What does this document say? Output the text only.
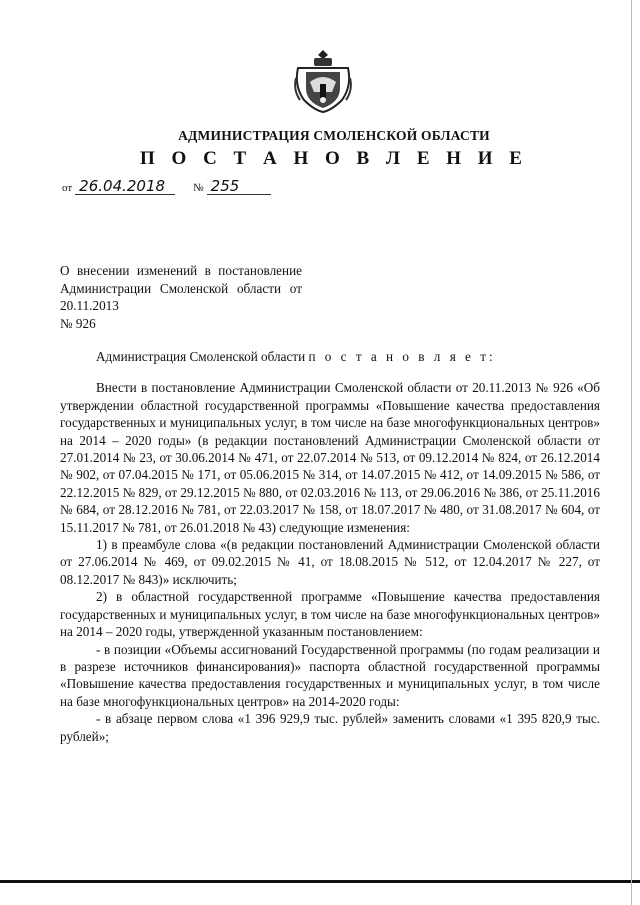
АДМИНИСТРАЦИЯ СМОЛЕНСКОЙ ОБЛАСТИ
П О С Т А Н О В Л Е Н И Е
от 26.04.2018	№ 255
О внесении изменений в постановление Администрации Смоленской области от 20.11.2013
№ 926

Администрация Смоленской области п о с т а н о в л я е т:

Внести в постановление Администрации Смоленской области от 20.11.2013 № 926 «Об утверждении областной государственной программы «Повышение качества предоставления государственных и муниципальных услуг, в том числе на базе многофункциональных центров» на 2014 – 2020 годы» (в редакции постановлений Администрации Смоленской области от 27.01.2014 № 23, от 30.06.2014 № 471, от 22.07.2014 № 513, от 09.12.2014 № 824, от 26.12.2014 № 902, от 07.04.2015 № 171, от 05.06.2015 № 314, от 14.07.2015 № 412, от 14.09.2015 № 586, от 22.12.2015 № 829, от 29.12.2015 № 880, от 02.03.2016 № 113, от 29.06.2016 № 386, от 25.11.2016 № 684, от 28.12.2016 № 781, от 22.03.2017 № 158, от 18.07.2017 № 480, от 31.08.2017 № 604, от 15.11.2017 № 781, от 26.01.2018 № 43) следующие изменения:

1) в преамбуле слова «(в редакции постановлений Администрации Смоленской области от 27.06.2014 № 469, от 09.02.2015 № 41, от 18.08.2015 № 512, от 12.04.2017 № 227, от 08.12.2017 № 843)» исключить;

2) в областной государственной программе «Повышение качества предоставления государственных и муниципальных услуг, в том числе на базе многофункциональных центров» на 2014 – 2020 годы, утвержденной указанным постановлением:

- в позиции «Объемы ассигнований Государственной программы (по годам реализации и в разрезе источников финансирования)» паспорта областной государственной программы «Повышение качества предоставления государственных и муниципальных услуг, в том числе на базе многофункциональных центров» на 2014-2020 годы:

- в абзаце первом слова «1 396 929,9 тыс. рублей» заменить словами «1 395 820,9 тыс. рублей»;
